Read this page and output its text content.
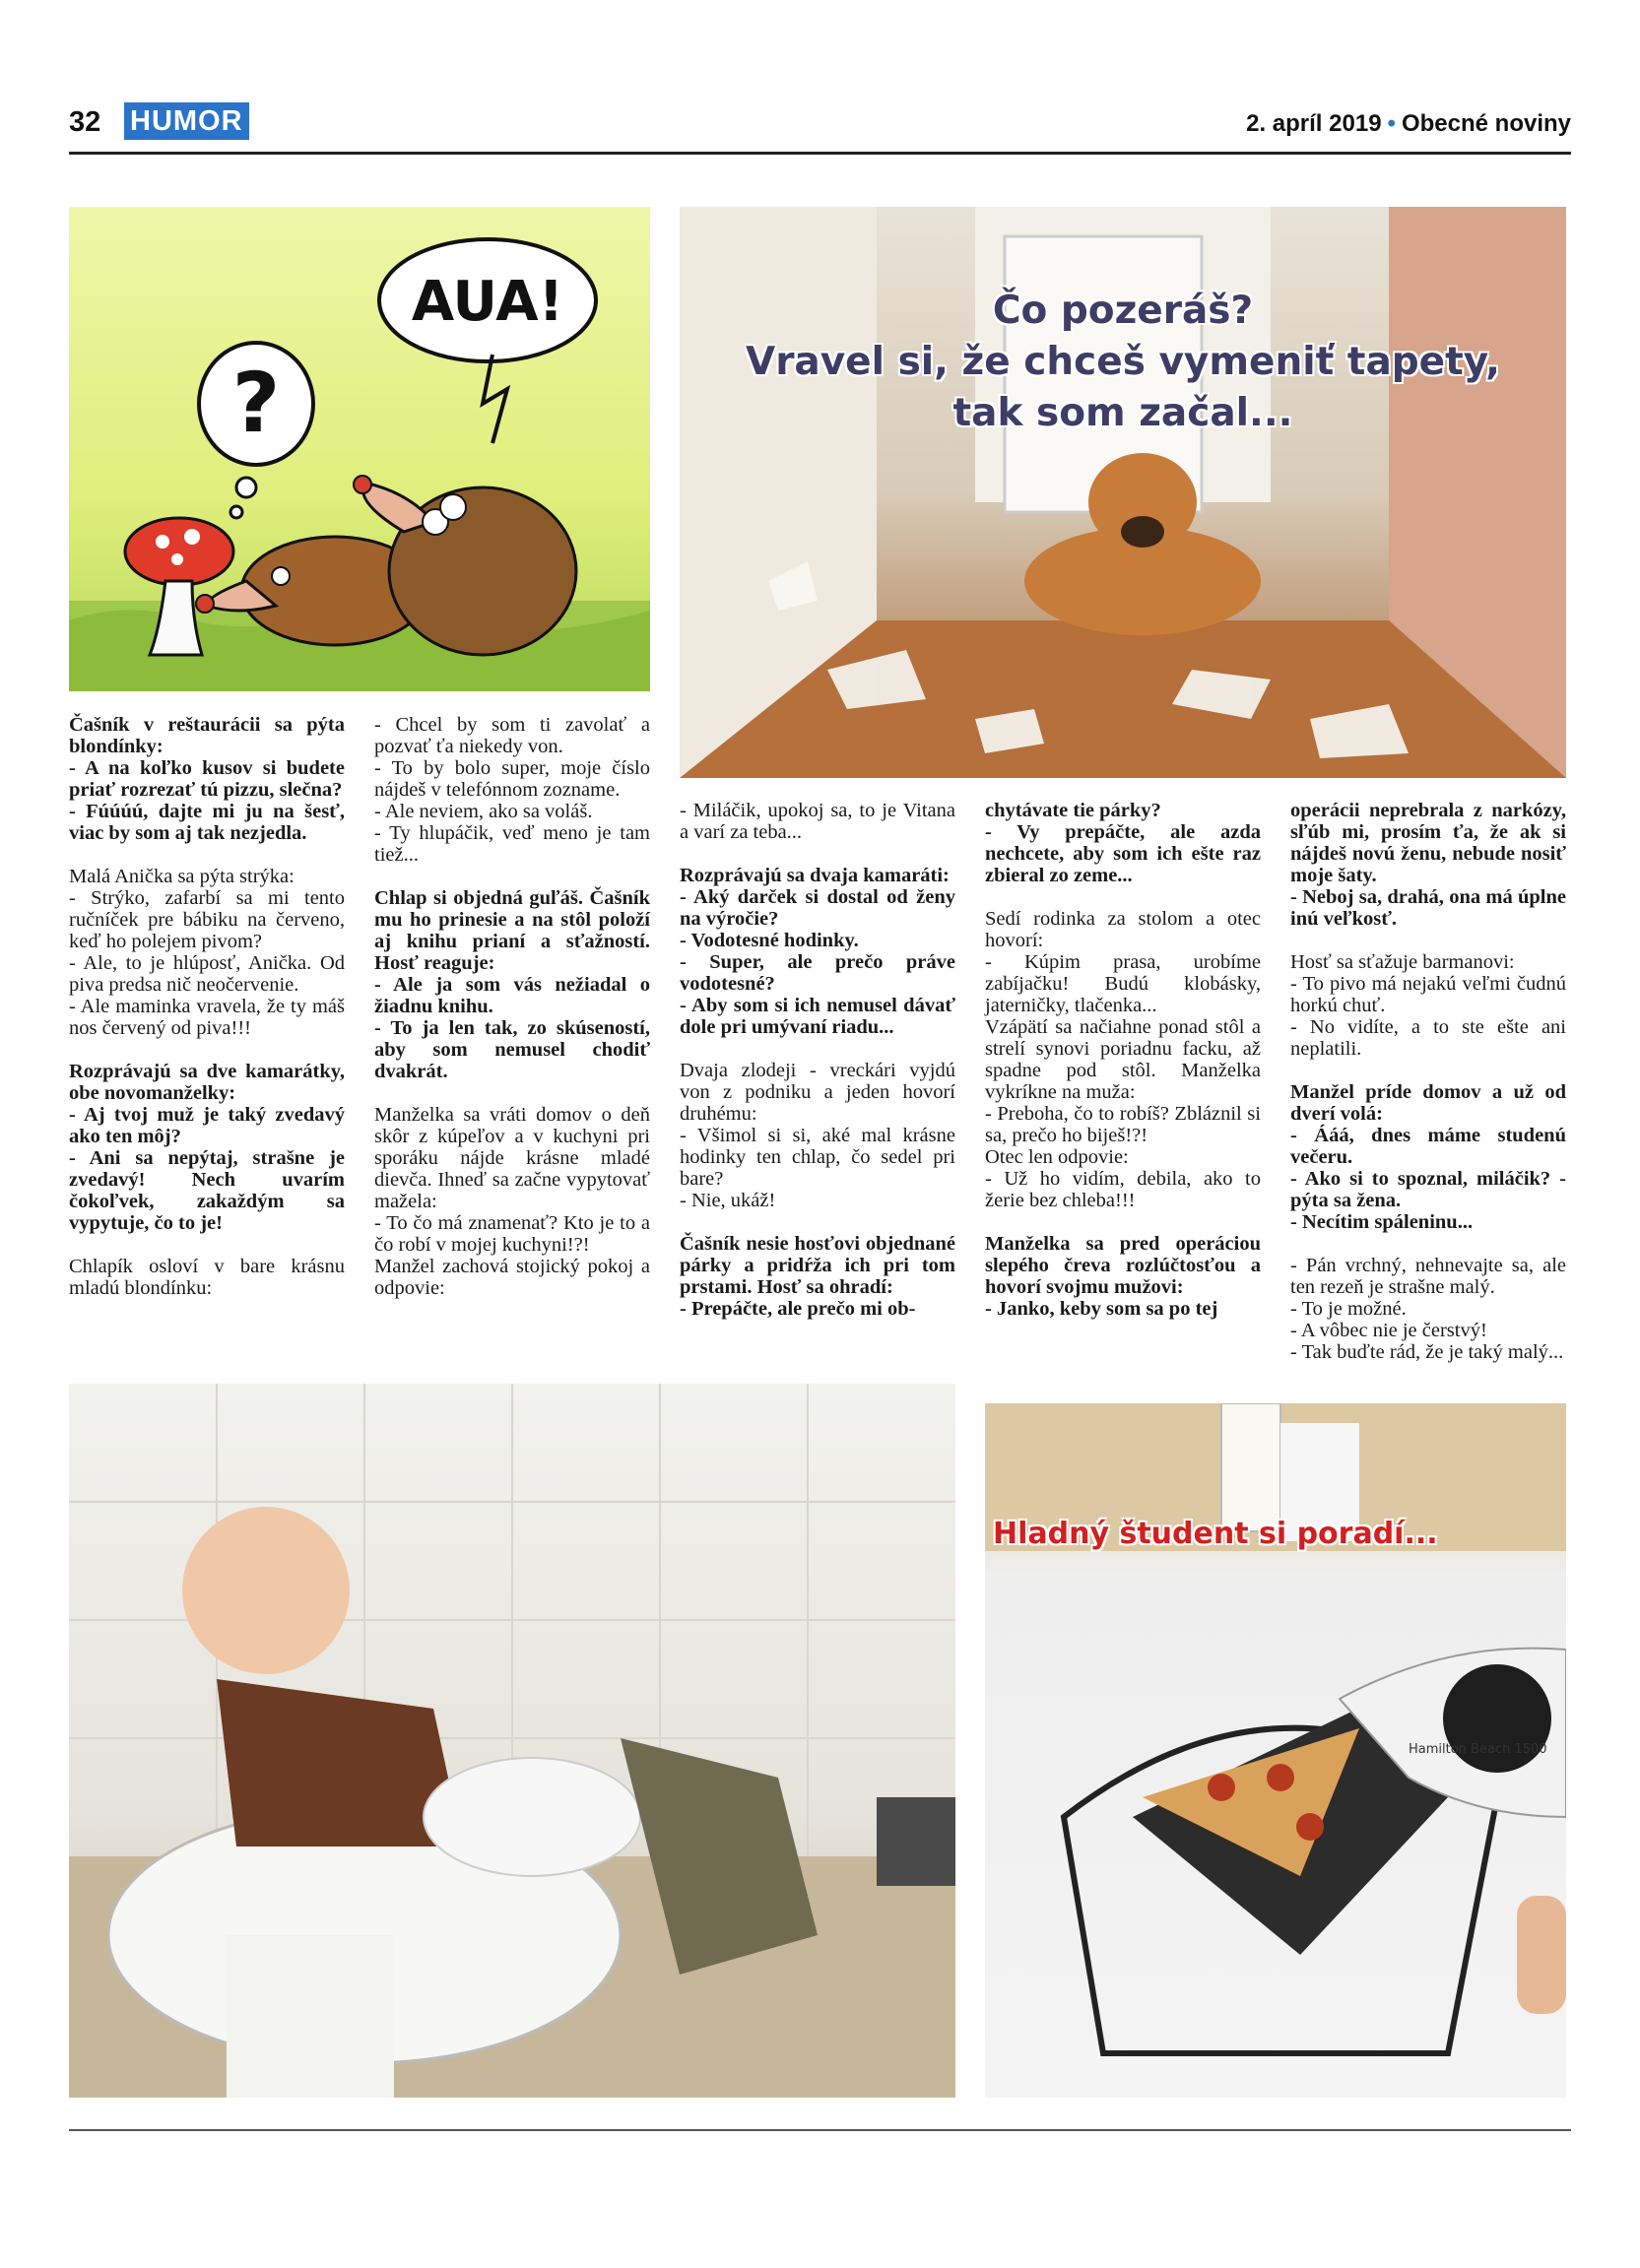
32 HUMOR	2. apríl 2019 • Obecné noviny
?
AUA!	Čo pozeráš?
Vravel si, že chceš vymeniť tapety,
tak som začal...

Čašník v reštaurácii sa pýta blondínky:
- A na koľko kusov si budete priať rozrezať tú pizzu, slečna?
- Fúúúú, dajte mi ju na šesť, viac by som aj tak nezjedla.

Malá Anička sa pýta strýka:
- Strýko, zafarbí sa mi tento ručníček pre bábiku na červeno, keď ho polejem pivom?
- Ale, to je hlúposť, Anička. Od piva predsa nič neočervenie.
- Ale maminka vravela, že ty máš nos červený od piva!!!

Rozprávajú sa dve kamarátky, obe novomanželky:
- Aj tvoj muž je taký zvedavý ako ten môj?
- Ani sa nepýtaj, strašne je zvedavý! Nech uvarím čokoľvek, zakaždým sa vypytuje, čo to je!

Chlapík osloví v bare krásnu mladú blondínku:

- Chcel by som ti zavolať a pozvať ťa niekedy von.
- To by bolo super, moje číslo nájdeš v telefónnom zozname.
- Ale neviem, ako sa voláš.
- Ty hlupáčik, veď meno je tam tiež...

Chlap si objedná guľáš. Čašník mu ho prinesie a na stôl položí aj knihu prianí a sťažností. Hosť reaguje:
- Ale ja som vás nežiadal o žiadnu knihu.
- To ja len tak, zo skúseností, aby som nemusel chodiť dvakrát.

Manželka sa vráti domov o deň skôr z kúpeľov a v kuchyni pri sporáku nájde krásne mladé dievča. Ihneď sa začne vypytovať mažela:
- To čo má znamenať? Kto je to a čo robí v mojej kuchyni!?!
Manžel zachová stojický pokoj a odpovie:

- Miláčik, upokoj sa, to je Vitana a varí za teba...

Rozprávajú sa dvaja kamaráti:
- Aký darček si dostal od ženy na výročie?
- Vodotesné hodinky.
- Super, ale prečo práve vodotesné?
- Aby som si ich nemusel dávať dole pri umývaní riadu...

Dvaja zlodeji - vreckári vyjdú von z podniku a jeden hovorí druhému:
- Všimol si si, aké mal krásne hodinky ten chlap, čo sedel pri bare?
- Nie, ukáž!

Čašník nesie hosťovi objednané párky a pridŕža ich pri tom prstami. Hosť sa ohradí:
- Prepáčte, ale prečo mi ob-

chytávate tie párky?
- Vy prepáčte, ale azda nechcete, aby som ich ešte raz zbieral zo zeme...

Sedí rodinka za stolom a otec hovorí:
- Kúpim prasa, urobíme zabíjačku! Budú klobásky, jaterničky, tlačenka...
Vzápätí sa načiahne ponad stôl a strelí synovi poriadnu facku, až spadne pod stôl. Manželka vykríkne na muža:
- Preboha, čo to robíš? Zbláznil si sa, prečo ho biješ!?!
Otec len odpovie:
- Už ho vidím, debila, ako to žerie bez chleba!!!

Manželka sa pred operáciou slepého čreva rozlúčtosťou a hovorí svojmu mužovi:
- Janko, keby som sa po tej

operácii neprebrala z narkózy, sľúb mi, prosím ťa, že ak si nájdeš novú ženu, nebude nosiť moje šaty.
- Neboj sa, drahá, ona má úplne inú veľkosť.

Hosť sa sťažuje barmanovi:
- To pivo má nejakú veľmi čudnú horkú chuť.
- No vidíte, a to ste ešte ani neplatili.

Manžel príde domov a už od dverí volá:
- Ááá, dnes máme studenú večeru.
- Ako si to spoznal, miláčik? - pýta sa žena.
- Necítim spáleninu...

- Pán vrchný, nehnevajte sa, ale ten rezeň je strašne malý.
- To je možné.
- A vôbec nie je čerstvý!
- Tak buďte rád, že je taký malý...

Hamilton Beach 1500
Hladný študent si poradí...
